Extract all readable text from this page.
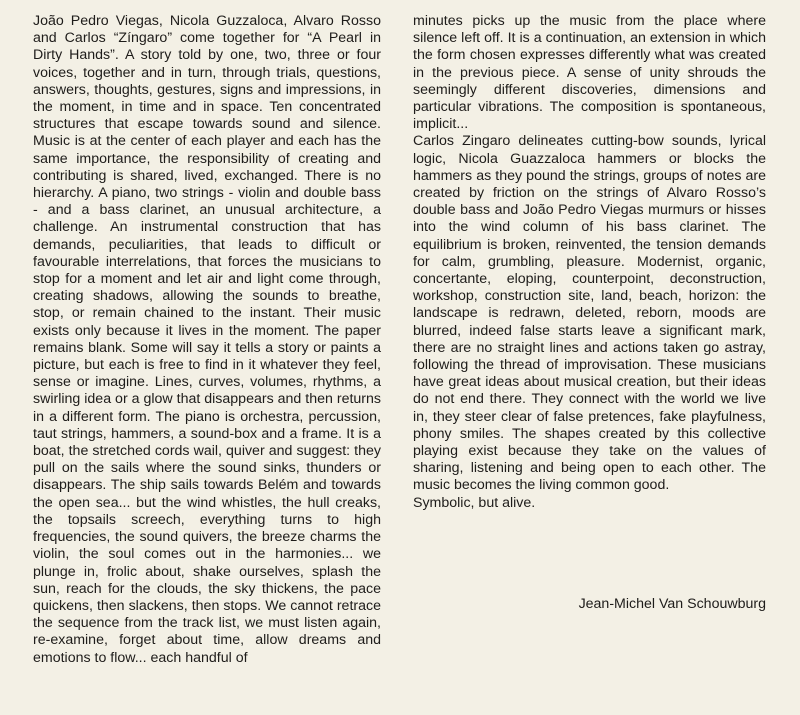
João Pedro Viegas, Nicola Guzzaloca, Alvaro Rosso and Carlos “Zíngaro” come together for “A Pearl in Dirty Hands”. A story told by one, two, three or four voices, together and in turn, through trials, questions, answers, thoughts, gestures, signs and impressions, in the moment, in time and in space. Ten concentrated structures that escape towards sound and silence. Music is at the center of each player and each has the same importance, the responsibility of creating and contributing is shared, lived, exchanged. There is no hierarchy. A piano, two strings - violin and double bass - and a bass clarinet, an unusual architecture, a challenge. An instrumental construction that has demands, peculiarities, that leads to difficult or favourable interrelations, that forces the musicians to stop for a moment and let air and light come through, creating shadows, allowing the sounds to breathe, stop, or remain chained to the instant. Their music exists only because it lives in the moment. The paper remains blank. Some will say it tells a story or paints a picture, but each is free to find in it whatever they feel, sense or imagine. Lines, curves, volumes, rhythms, a swirling idea or a glow that disappears and then returns in a different form. The piano is orchestra, percussion, taut strings, hammers, a sound-box and a frame. It is a boat, the stretched cords wail, quiver and suggest: they pull on the sails where the sound sinks, thunders or disappears. The ship sails towards Belém and towards the open sea... but the wind whistles, the hull creaks, the topsails screech, everything turns to high frequencies, the sound quivers, the breeze charms the violin, the soul comes out in the harmonies... we plunge in, frolic about, shake ourselves, splash the sun, reach for the clouds, the sky thickens, the pace quickens, then slackens, then stops. We cannot retrace the sequence from the track list, we must listen again, re-examine, forget about time, allow dreams and emotions to flow... each handful of

minutes picks up the music from the place where silence left off. It is a continuation, an extension in which the form chosen expresses differently what was created in the previous piece. A sense of unity shrouds the seemingly different discoveries, dimensions and particular vibrations. The composition is spontaneous, implicit...

Carlos Zingaro delineates cutting-bow sounds, lyrical logic, Nicola Guazzaloca hammers or blocks the hammers as they pound the strings, groups of notes are created by friction on the strings of Alvaro Rosso’s double bass and João Pedro Viegas murmurs or hisses into the wind column of his bass clarinet. The equilibrium is broken, reinvented, the tension demands for calm, grumbling, pleasure. Modernist, organic, concertante, eloping, counterpoint, deconstruction, workshop, construction site, land, beach, horizon: the landscape is redrawn, deleted, reborn, moods are blurred, indeed false starts leave a significant mark, there are no straight lines and actions taken go astray, following the thread of improvisation. These musicians have great ideas about musical creation, but their ideas do not end there. They connect with the world we live in, they steer clear of false pretences, fake playfulness, phony smiles. The shapes created by this collective playing exist because they take on the values of sharing, listening and being open to each other. The music becomes the living common good.

Symbolic, but alive.

Jean-Michel Van Schouwburg
